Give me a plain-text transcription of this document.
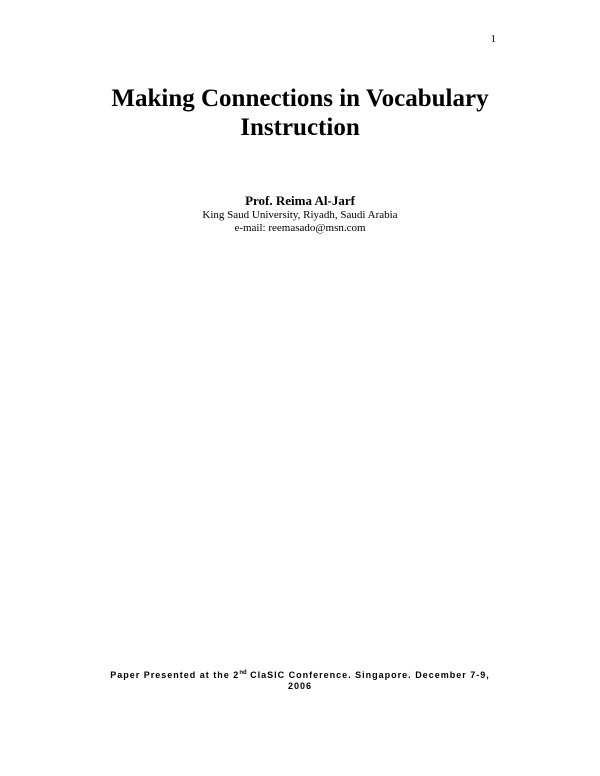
1
Making Connections in Vocabulary
Instruction
Prof. Reima Al-Jarf
King Saud University, Riyadh, Saudi Arabia
e-mail: reemasado@msn.com
Paper Presented at the 2nd ClaSIC Conference. Singapore. December 7-9,
2006
